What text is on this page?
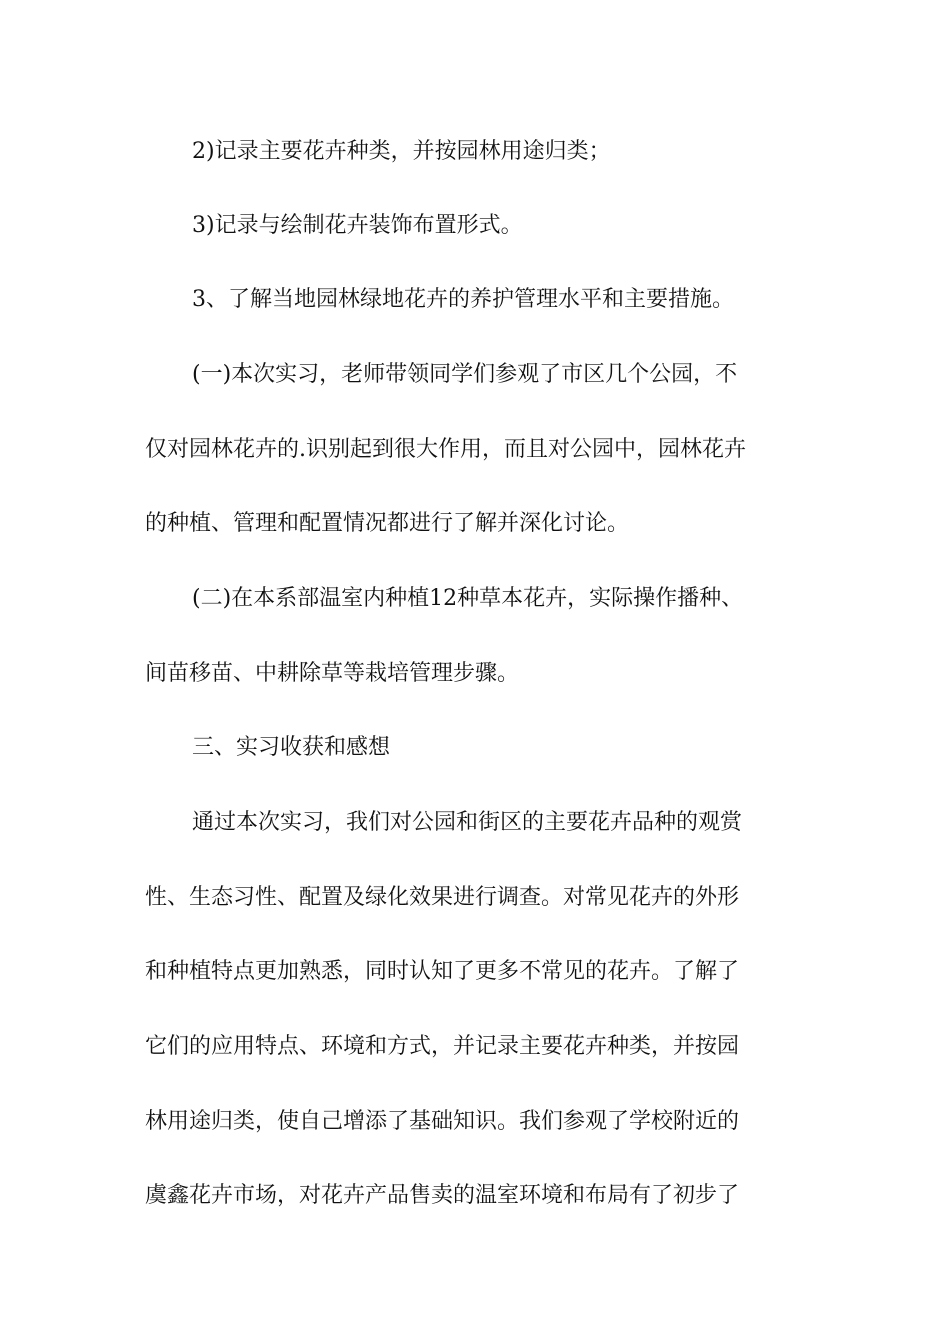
2)记录主要花卉种类，并按园林用途归类；
3)记录与绘制花卉装饰布置形式。
3、了解当地园林绿地花卉的养护管理水平和主要措施。
(一)本次实习，老师带领同学们参观了市区几个公园，不
仅对园林花卉的.识别起到很大作用，而且对公园中，园林花卉
的种植、管理和配置情况都进行了解并深化讨论。
(二)在本系部温室内种植12种草本花卉，实际操作播种、
间苗移苗、中耕除草等栽培管理步骤。
三、实习收获和感想
通过本次实习，我们对公园和街区的主要花卉品种的观赏
性、生态习性、配置及绿化效果进行调查。对常见花卉的外形
和种植特点更加熟悉，同时认知了更多不常见的花卉。了解了
它们的应用特点、环境和方式，并记录主要花卉种类，并按园
林用途归类，使自己增添了基础知识。我们参观了学校附近的
虞鑫花卉市场，对花卉产品售卖的温室环境和布局有了初步了
